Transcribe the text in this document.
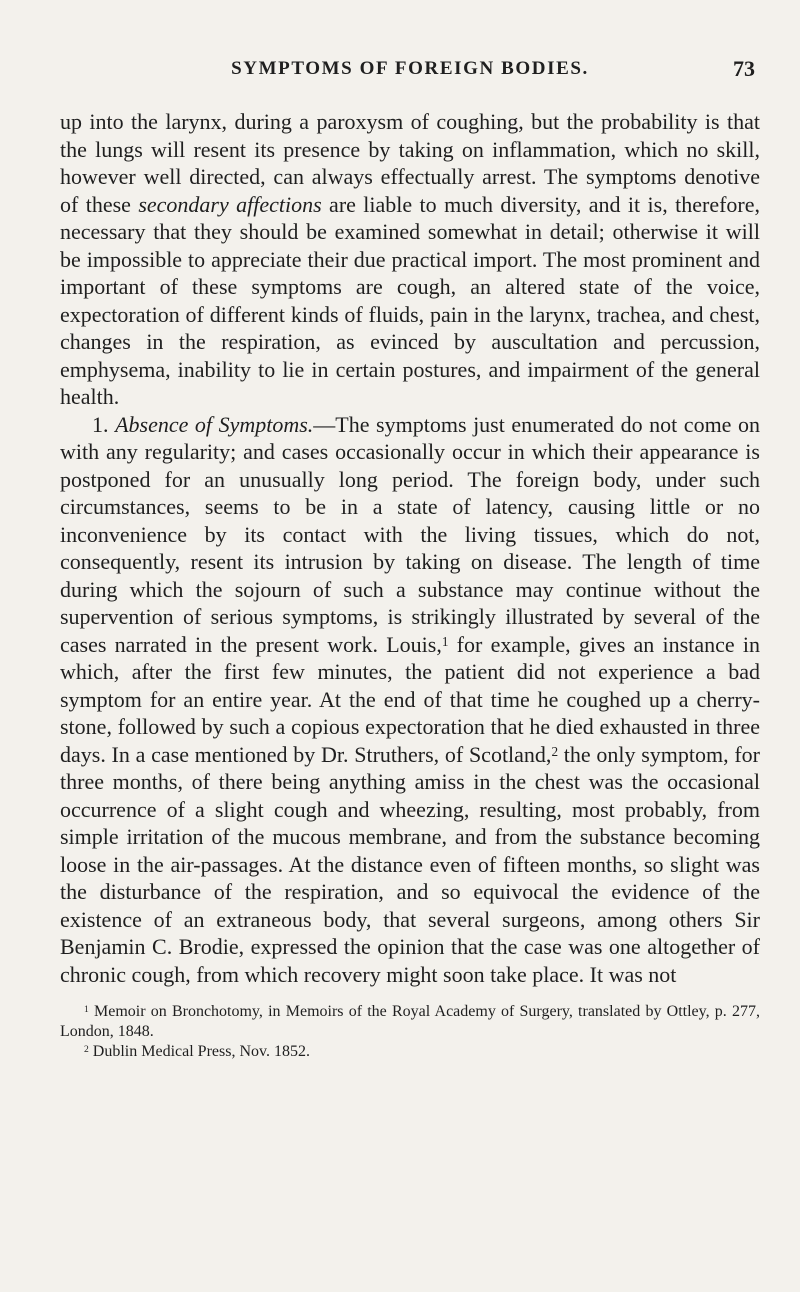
SYMPTOMS OF FOREIGN BODIES.	73

up into the larynx, during a paroxysm of coughing, but the probability is that the lungs will resent its presence by taking on inflammation, which no skill, however well directed, can always effectually arrest. The symptoms denotive of these secondary affections are liable to much diversity, and it is, therefore, necessary that they should be examined somewhat in detail; otherwise it will be impossible to appreciate their due practical import. The most prominent and important of these symptoms are cough, an altered state of the voice, expectoration of different kinds of fluids, pain in the larynx, trachea, and chest, changes in the respiration, as evinced by auscultation and percussion, emphysema, inability to lie in certain postures, and impairment of the general health.

1. Absence of Symptoms.—The symptoms just enumerated do not come on with any regularity; and cases occasionally occur in which their appearance is postponed for an unusually long period. The foreign body, under such circumstances, seems to be in a state of latency, causing little or no inconvenience by its contact with the living tissues, which do not, consequently, resent its intrusion by taking on disease. The length of time during which the sojourn of such a substance may continue without the supervention of serious symptoms, is strikingly illustrated by several of the cases narrated in the present work. Louis,$^1$ for example, gives an instance in which, after the first few minutes, the patient did not experience a bad symptom for an entire year. At the end of that time he coughed up a cherry-stone, followed by such a copious expectoration that he died exhausted in three days. In a case mentioned by Dr. Struthers, of Scotland,$^2$ the only symptom, for three months, of there being anything amiss in the chest was the occasional occurrence of a slight cough and wheezing, resulting, most probably, from simple irritation of the mucous membrane, and from the substance becoming loose in the air-passages. At the distance even of fifteen months, so slight was the disturbance of the respiration, and so equivocal the evidence of the existence of an extraneous body, that several surgeons, among others Sir Benjamin C. Brodie, expressed the opinion that the case was one altogether of chronic cough, from which recovery might soon take place. It was not

$^1$ Memoir on Bronchotomy, in Memoirs of the Royal Academy of Surgery, translated by Ottley, p. 277, London, 1848.
$^2$ Dublin Medical Press, Nov. 1852.
